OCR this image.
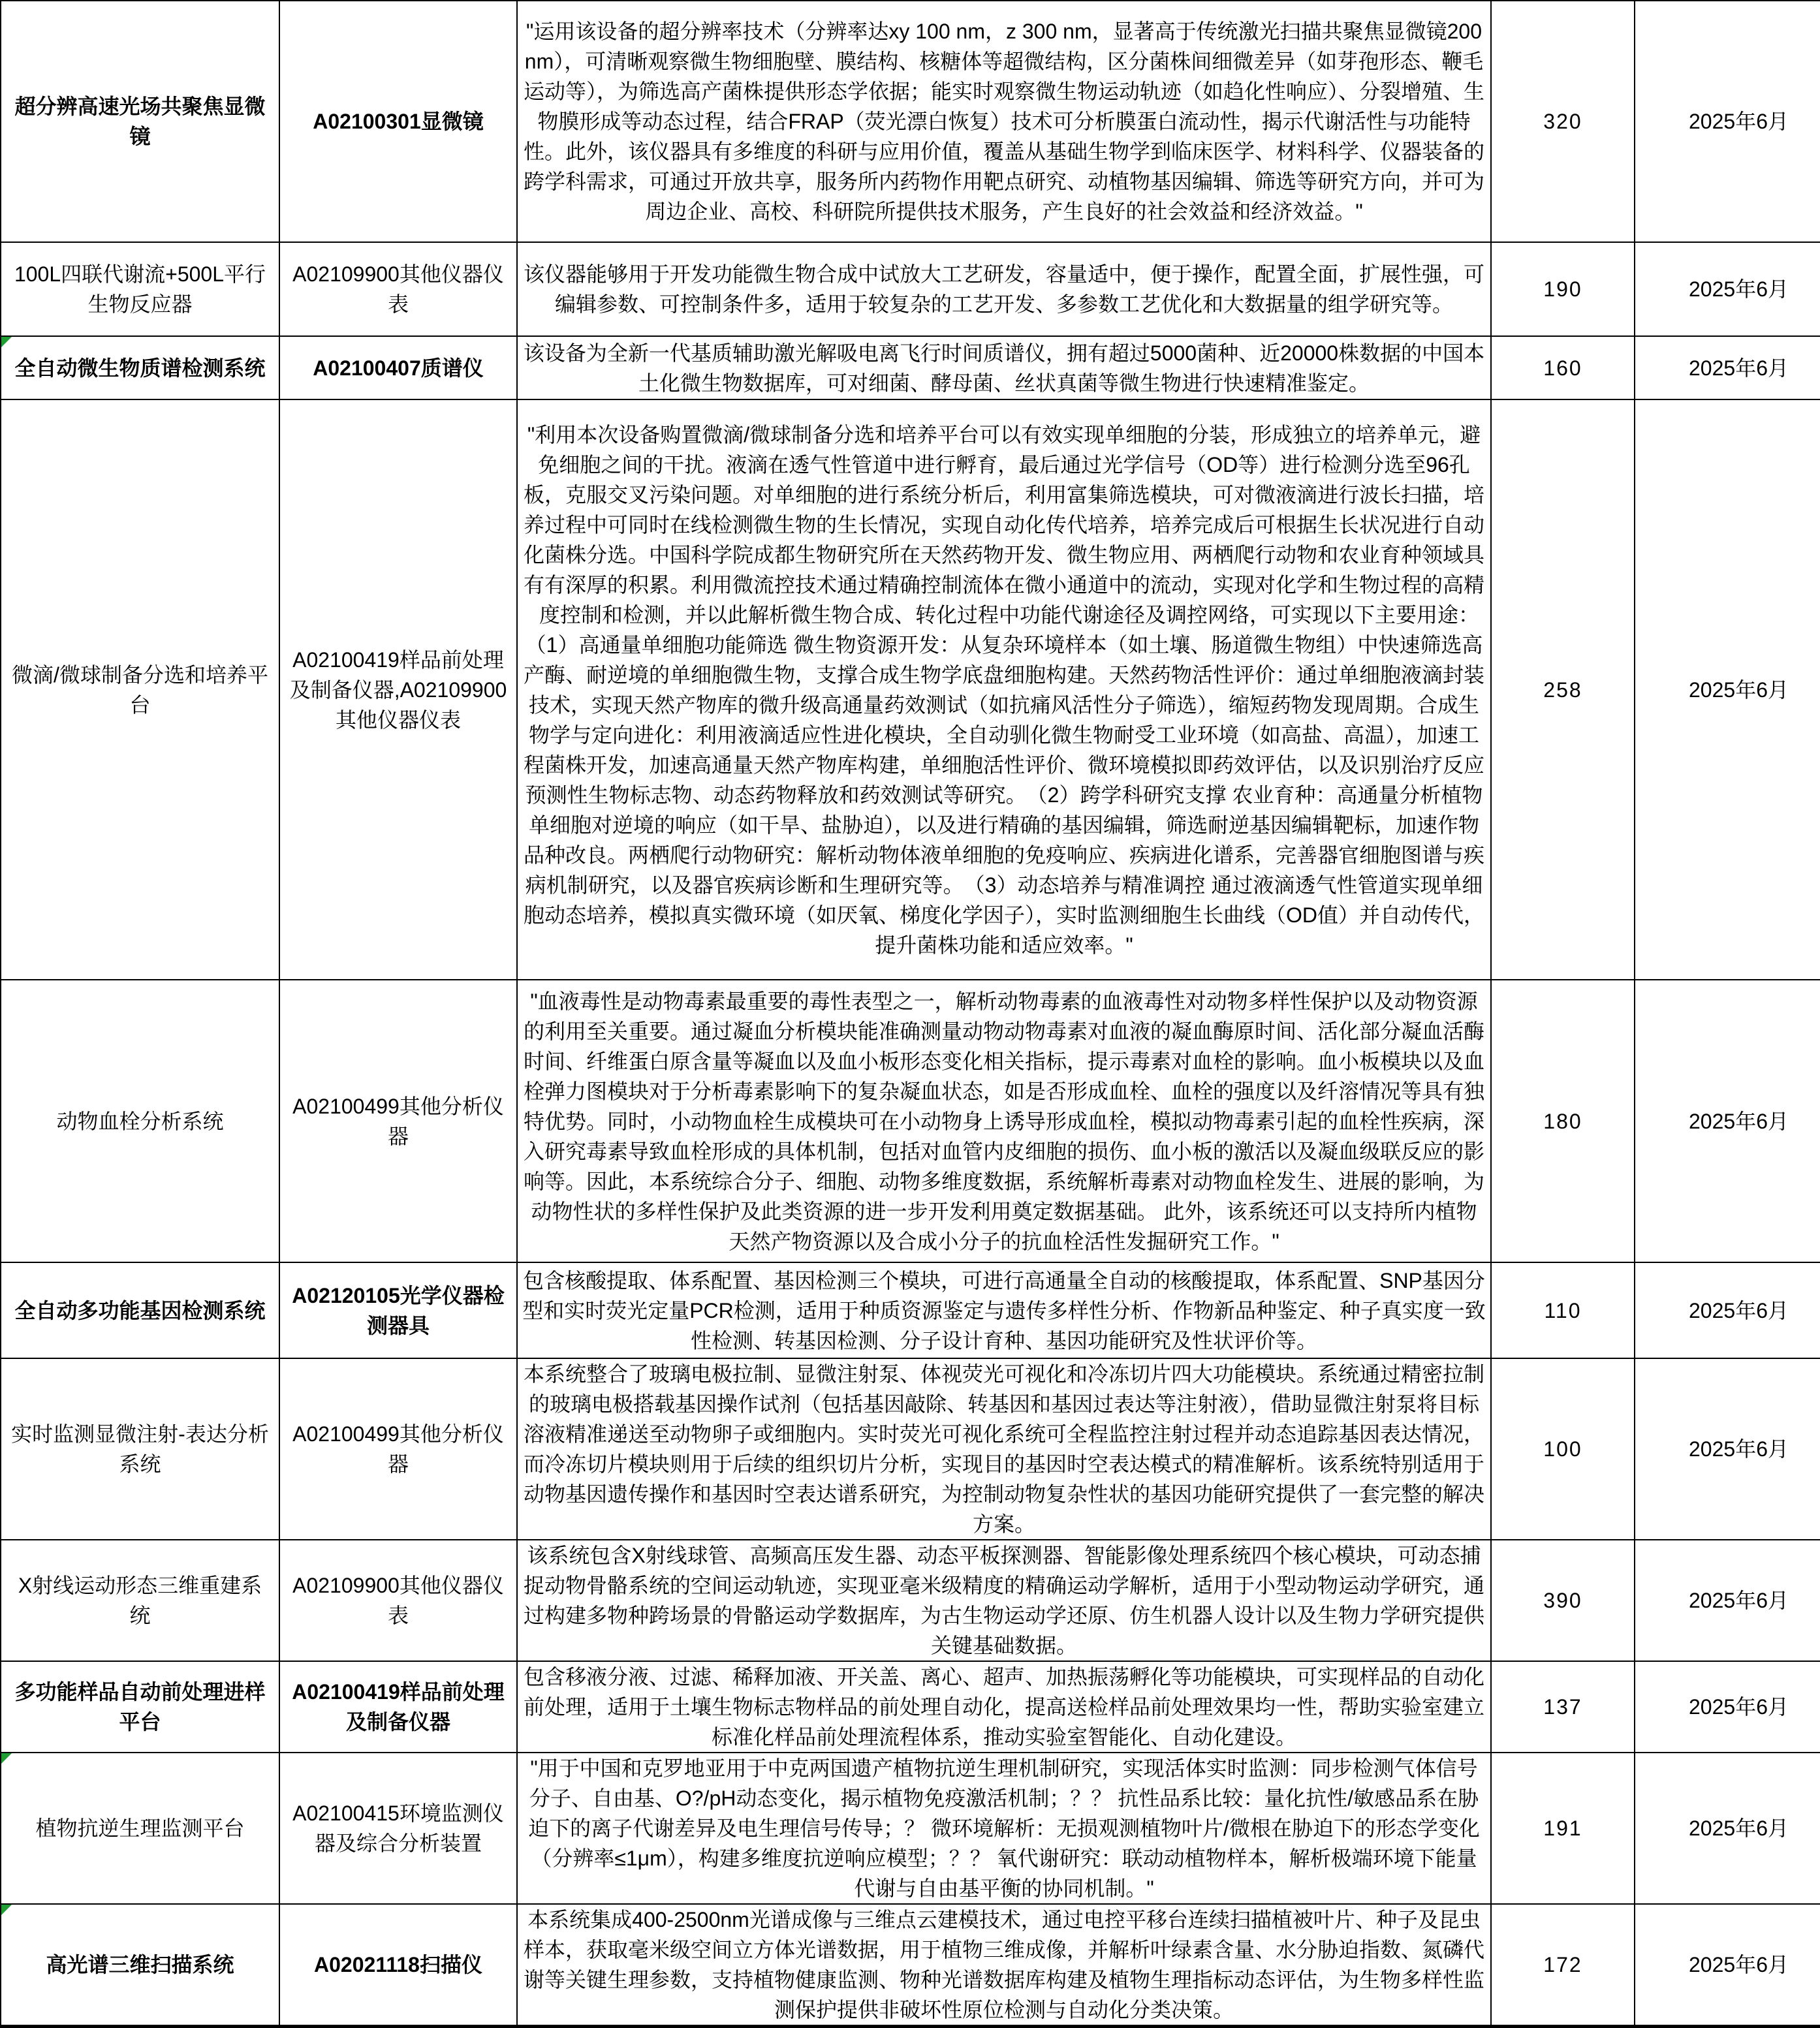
超分辨高速光场共聚焦显微镜	A02100301显微镜	"运用该设备的超分辨率技术（分辨率达xy 100 nm，z 300 nm，显著高于传统激光扫描共聚焦显微镜200nm），可清晰观察微生物细胞壁、膜结构、核糖体等超微结构，区分菌株间细微差异（如芽孢形态、鞭毛运动等），为筛选高产菌株提供形态学依据；能实时观察微生物运动轨迹（如趋化性响应）、分裂增殖、生物膜形成等动态过程，结合FRAP（荧光漂白恢复）技术可分析膜蛋白流动性，揭示代谢活性与功能特性。此外，该仪器具有多维度的科研与应用价值，覆盖从基础生物学到临床医学、材料科学、仪器装备的跨学科需求，可通过开放共享，服务所内药物作用靶点研究、动植物基因编辑、筛选等研究方向，并可为周边企业、高校、科研院所提供技术服务，产生良好的社会效益和经济效益。"	320	2025年6月
100L四联代谢流+500L平行生物反应器	A02109900其他仪器仪表	该仪器能够用于开发功能微生物合成中试放大工艺研发，容量适中，便于操作，配置全面，扩展性强，可编辑参数、可控制条件多，适用于较复杂的工艺开发、多参数工艺优化和大数据量的组学研究等。	190	2025年6月

全自动微生物质谱检测系统	A02100407质谱仪	该设备为全新一代基质辅助激光解吸电离飞行时间质谱仪，拥有超过5000菌种、近20000株数据的中国本土化微生物数据库，可对细菌、酵母菌、丝状真菌等微生物进行快速精准鉴定。	160	2025年6月
微滴/微球制备分选和培养平台	A02100419样品前处理及制备仪器,A02109900其他仪器仪表	"利用本次设备购置微滴/微球制备分选和培养平台可以有效实现单细胞的分装，形成独立的培养单元，避免细胞之间的干扰。液滴在透气性管道中进行孵育，最后通过光学信号（OD等）进行检测分选至96孔板，克服交叉污染问题。对单细胞的进行系统分析后，利用富集筛选模块，可对微液滴进行波长扫描，培养过程中可同时在线检测微生物的生长情况，实现自动化传代培养，培养完成后可根据生长状况进行自动化菌株分选。中国科学院成都生物研究所在天然药物开发、微生物应用、两栖爬行动物和农业育种领域具有有深厚的积累。利用微流控技术通过精确控制流体在微小通道中的流动，实现对化学和生物过程的高精度控制和检测，并以此解析微生物合成、转化过程中功能代谢途径及调控网络，可实现以下主要用途：　（1）高通量单细胞功能筛选 微生物资源开发：从复杂环境样本（如土壤、肠道微生物组）中快速筛选高产酶、耐逆境的单细胞微生物，支撑合成生物学底盘细胞构建。天然药物活性评价：通过单细胞液滴封装技术，实现天然产物库的微升级高通量药效测试（如抗痛风活性分子筛选），缩短药物发现周期。合成生物学与定向进化：利用液滴适应性进化模块，全自动驯化微生物耐受工业环境（如高盐、高温），加速工程菌株开发，加速高通量天然产物库构建，单细胞活性评价、微环境模拟即药效评估，以及识别治疗反应预测性生物标志物、动态药物释放和药效测试等研究。　（2）跨学科研究支撑 农业育种：高通量分析植物单细胞对逆境的响应（如干旱、盐胁迫），以及进行精确的基因编辑，筛选耐逆基因编辑靶标，加速作物品种改良。两栖爬行动物研究：解析动物体液单细胞的免疫响应、疾病进化谱系，完善器官细胞图谱与疾病机制研究，以及器官疾病诊断和生理研究等。　（3）动态培养与精准调控 通过液滴透气性管道实现单细胞动态培养，模拟真实微环境（如厌氧、梯度化学因子），实时监测细胞生长曲线（OD值）并自动传代，提升菌株功能和适应效率。"	258	2025年6月
动物血栓分析系统	A02100499其他分析仪器	"血液毒性是动物毒素最重要的毒性表型之一，解析动物毒素的血液毒性对动物多样性保护以及动物资源的利用至关重要。通过凝血分析模块能准确测量动物动物毒素对血液的凝血酶原时间、活化部分凝血活酶时间、纤维蛋白原含量等凝血以及血小板形态变化相关指标，提示毒素对血栓的影响。血小板模块以及血栓弹力图模块对于分析毒素影响下的复杂凝血状态，如是否形成血栓、血栓的强度以及纤溶情况等具有独特优势。同时，小动物血栓生成模块可在小动物身上诱导形成血栓，模拟动物毒素引起的血栓性疾病，深入研究毒素导致血栓形成的具体机制，包括对血管内皮细胞的损伤、血小板的激活以及凝血级联反应的影响等。因此，本系统综合分子、细胞、动物多维度数据，系统解析毒素对动物血栓发生、进展的影响，为动物性状的多样性保护及此类资源的进一步开发利用奠定数据基础。 此外，该系统还可以支持所内植物天然产物资源以及合成小分子的抗血栓活性发掘研究工作。"	180	2025年6月
全自动多功能基因检测系统	A02120105光学仪器检测器具	包含核酸提取、体系配置、基因检测三个模块，可进行高通量全自动的核酸提取，体系配置、SNP基因分型和实时荧光定量PCR检测，适用于种质资源鉴定与遗传多样性分析、作物新品种鉴定、种子真实度一致性检测、转基因检测、分子设计育种、基因功能研究及性状评价等。	110	2025年6月
实时监测显微注射-表达分析系统	A02100499其他分析仪器	本系统整合了玻璃电极拉制、显微注射泵、体视荧光可视化和冷冻切片四大功能模块。系统通过精密拉制的玻璃电极搭载基因操作试剂（包括基因敲除、转基因和基因过表达等注射液），借助显微注射泵将目标溶液精准递送至动物卵子或细胞内。实时荧光可视化系统可全程监控注射过程并动态追踪基因表达情况，而冷冻切片模块则用于后续的组织切片分析，实现目的基因时空表达模式的精准解析。该系统特别适用于动物基因遗传操作和基因时空表达谱系研究，为控制动物复杂性状的基因功能研究提供了一套完整的解决方案。	100	2025年6月
X射线运动形态三维重建系统	A02109900其他仪器仪表	该系统包含X射线球管、高频高压发生器、动态平板探测器、智能影像处理系统四个核心模块，可动态捕捉动物骨骼系统的空间运动轨迹，实现亚毫米级精度的精确运动学解析，适用于小型动物运动学研究，通过构建多物种跨场景的骨骼运动学数据库，为古生物运动学还原、仿生机器人设计以及生物力学研究提供关键基础数据。	390	2025年6月
多功能样品自动前处理进样平台	A02100419样品前处理及制备仪器	包含移液分液、过滤、稀释加液、开关盖、离心、超声、加热振荡孵化等功能模块，可实现样品的自动化前处理，适用于土壤生物标志物样品的前处理自动化，提高送检样品前处理效果均一性，帮助实验室建立标准化样品前处理流程体系，推动实验室智能化、自动化建设。	137	2025年6月

植物抗逆生理监测平台	A02100415环境监测仪器及综合分析装置	"用于中国和克罗地亚用于中克两国遗产植物抗逆生理机制研究，实现活体实时监测：同步检测气体信号分子、自由基、O?/pH动态变化，揭示植物免疫激活机制；？？ 抗性品系比较：量化抗性/敏感品系在胁迫下的离子代谢差异及电生理信号传导；？ 微环境解析：无损观测植物叶片/微根在胁迫下的形态学变化（分辨率≤1μm），构建多维度抗逆响应模型；？？ 氧代谢研究：联动动植物样本，解析极端环境下能量代谢与自由基平衡的协同机制。"	191	2025年6月

高光谱三维扫描系统	A02021118扫描仪	本系统集成400-2500nm光谱成像与三维点云建模技术，通过电控平移台连续扫描植被叶片、种子及昆虫样本，获取毫米级空间立方体光谱数据，用于植物三维成像，并解析叶绿素含量、水分胁迫指数、氮磷代谢等关键生理参数，支持植物健康监测、物种光谱数据库构建及植物生理指标动态评估，为生物多样性监测保护提供非破坏性原位检测与自动化分类决策。	172	2025年6月
